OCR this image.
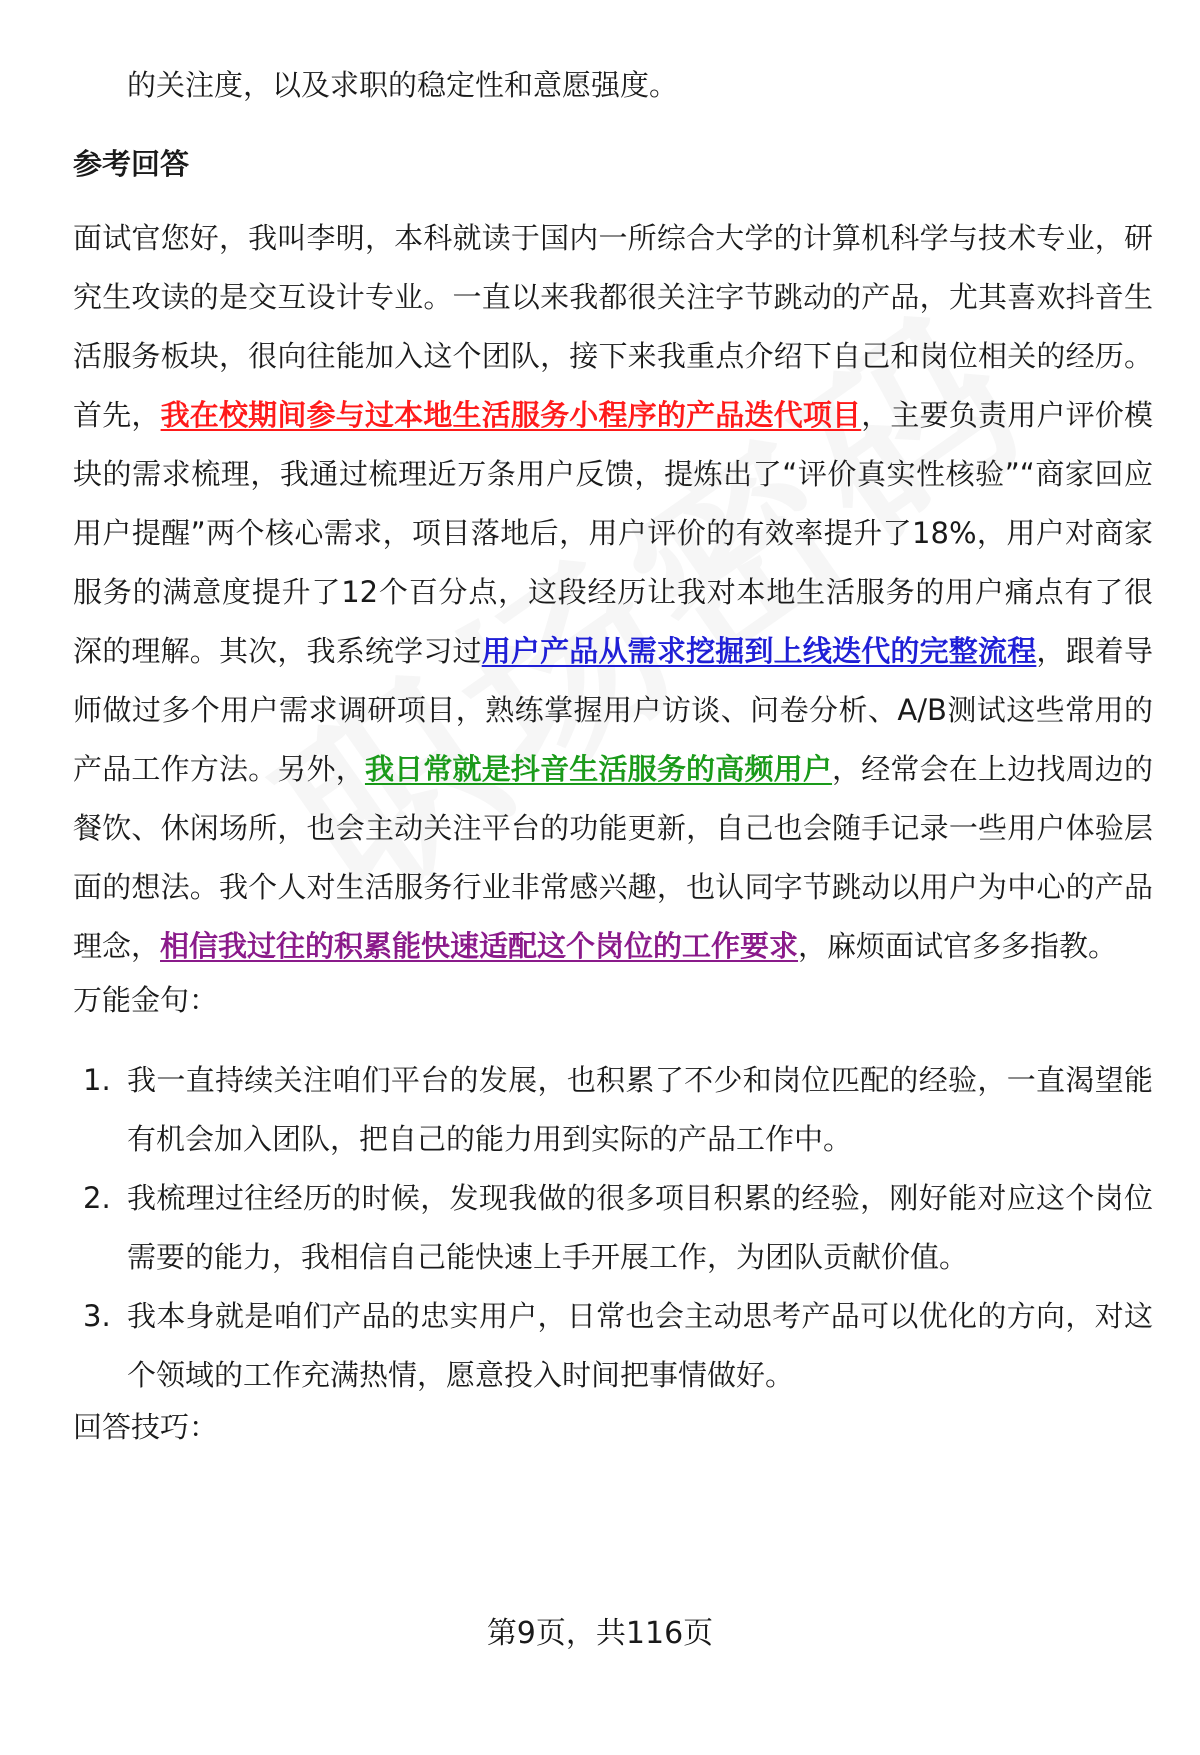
的关注度，以及求职的稳定性和意愿强度。

参考回答

面试官您好，我叫李明，本科就读于国内一所综合大学的计算机科学与技术专业，研究生攻读的是交互设计专业。一直以来我都很关注字节跳动的产品，尤其喜欢抖音生活服务板块，很向往能加入这个团队，接下来我重点介绍下自己和岗位相关的经历。首先，我在校期间参与过本地生活服务小程序的产品迭代项目，主要负责用户评价模块的需求梳理，我通过梳理近万条用户反馈，提炼出了“评价真实性核验”“商家回应用户提醒”两个核心需求，项目落地后，用户评价的有效率提升了18%，用户对商家服务的满意度提升了12个百分点，这段经历让我对本地生活服务的用户痛点有了很深的理解。其次，我系统学习过用户产品从需求挖掘到上线迭代的完整流程，跟着导师做过多个用户需求调研项目，熟练掌握用户访谈、问卷分析、A/B测试这些常用的产品工作方法。另外，我日常就是抖音生活服务的高频用户，经常会在上边找周边的餐饮、休闲场所，也会主动关注平台的功能更新，自己也会随手记录一些用户体验层面的想法。我个人对生活服务行业非常感兴趣，也认同字节跳动以用户为中心的产品理念，相信我过往的积累能快速适配这个岗位的工作要求，麻烦面试官多多指教。

万能金句：

1. 我一直持续关注咱们平台的发展，也积累了不少和岗位匹配的经验，一直渴望能有机会加入团队，把自己的能力用到实际的产品工作中。
2. 我梳理过往经历的时候，发现我做的很多项目积累的经验，刚好能对应这个岗位需要的能力，我相信自己能快速上手开展工作，为团队贡献价值。
3. 我本身就是咱们产品的忠实用户，日常也会主动思考产品可以优化的方向，对这个领域的工作充满热情，愿意投入时间把事情做好。

回答技巧：

第9页，共116页
